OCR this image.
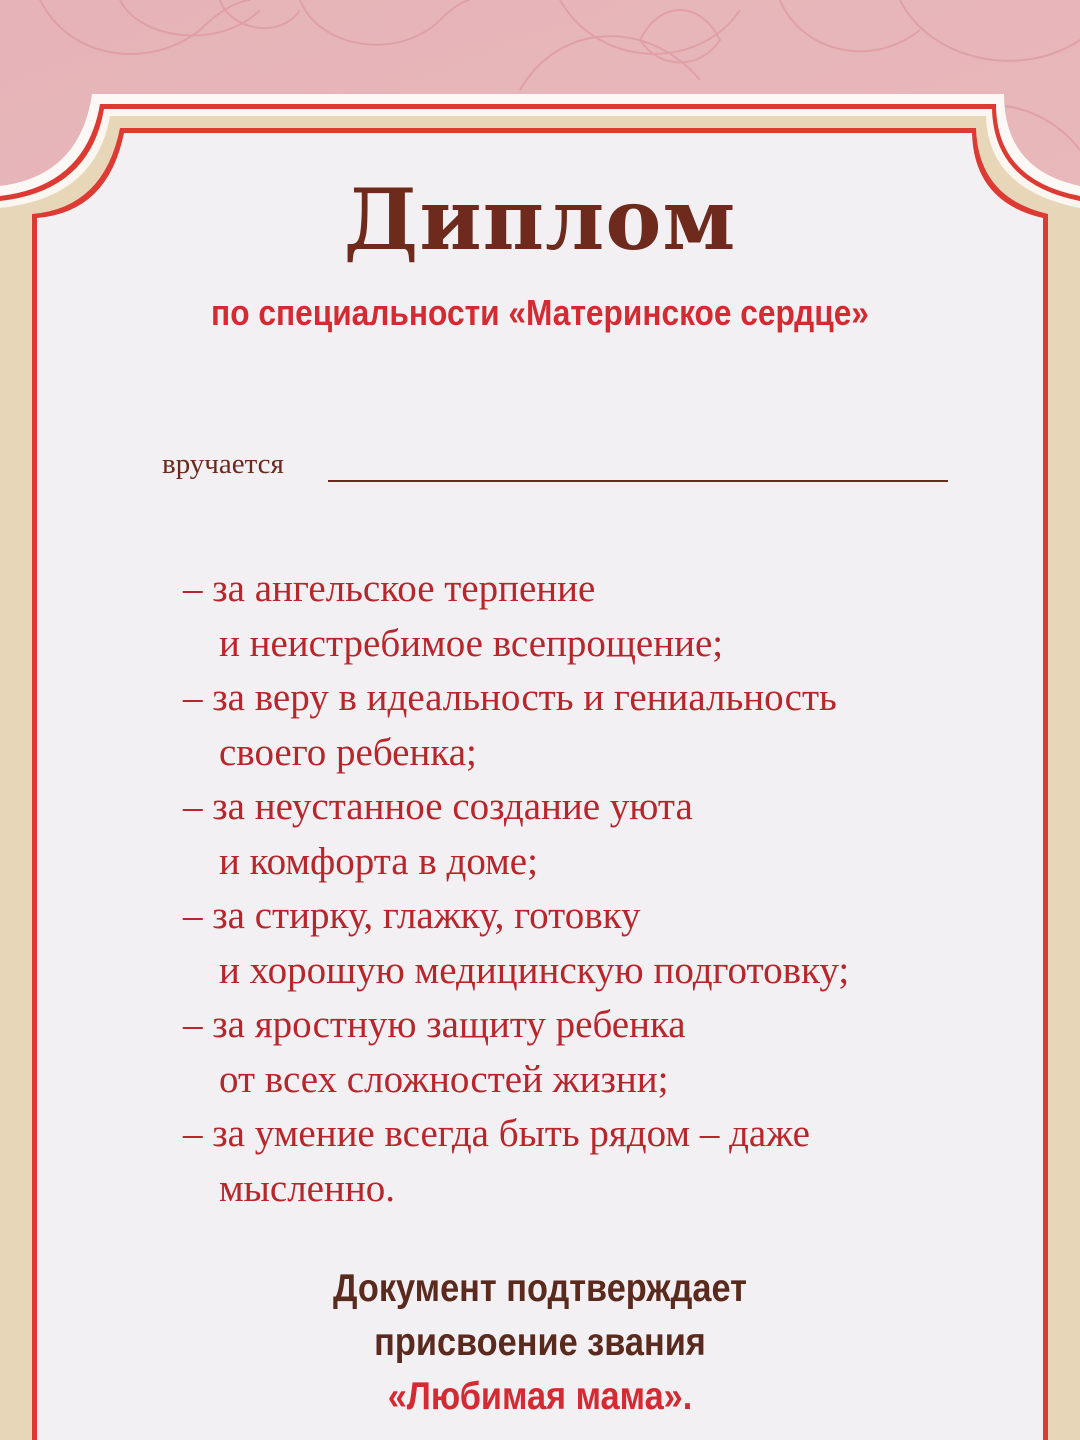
Диплом
по специальности «Материнское сердце»
вручается

– за ангельское терпение
и неистребимое всепрощение;

– за веру в идеальность и гениальность
своего ребенка;

– за неустанное создание уюта
и комфорта в доме;

– за стирку, глажку, готовку
и хорошую медицинскую подготовку;

– за яростную защиту ребенка
от всех сложностей жизни;

– за умение всегда быть рядом – даже
мысленно.

Документ подтверждает
присвоение звания
«Любимая мама».
